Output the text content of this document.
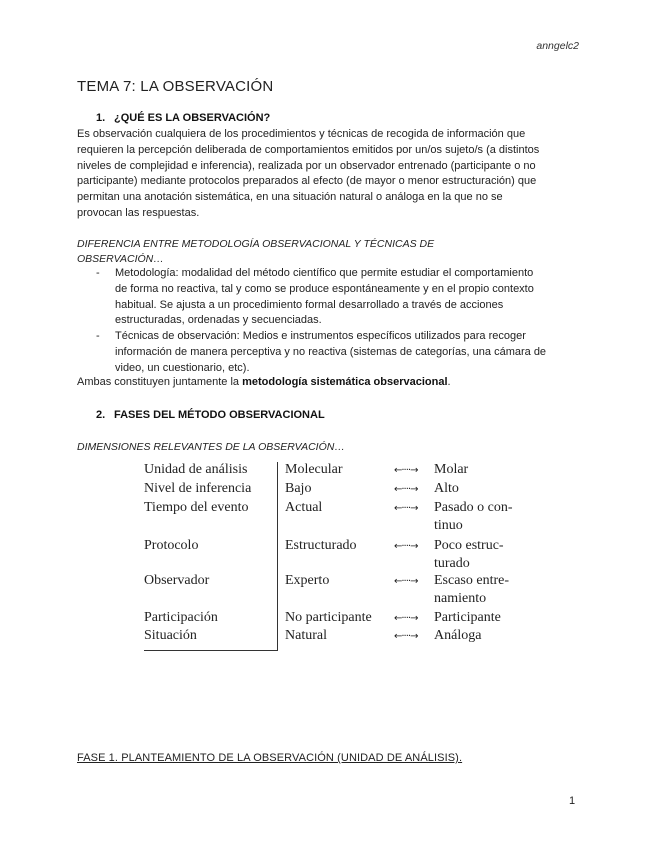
anngelc2
TEMA 7: LA OBSERVACIÓN
1. ¿QUÉ ES LA OBSERVACIÓN?

Es observación cualquiera de los procedimientos y técnicas de recogida de información que

requieren la percepción deliberada de comportamientos emitidos por un/os sujeto/s (a distintos

niveles de complejidad e inferencia), realizada por un observador entrenado (participante o no

participante) mediante protocolos preparados al efecto (de mayor o menor estructuración) que

permitan una anotación sistemática, en una situación natural o análoga en la que no se

provocan las respuestas.

DIFERENCIA ENTRE METODOLOGÍA OBSERVACIONAL Y TÉCNICAS DE
OBSERVACIÓN…
- Metodología: modalidad del método científico que permite estudiar el comportamiento
de forma no reactiva, tal y como se produce espontáneamente y en el propio contexto
habitual. Se ajusta a un procedimiento formal desarrollado a través de acciones
estructuradas, ordenadas y secuenciadas.
- Técnicas de observación: Medios e instrumentos específicos utilizados para recoger
información de manera perceptiva y no reactiva (sistemas de categorías, una cámara de
video, un cuestionario, etc).
Ambas constituyen juntamente la metodología sistemática observacional.
2. FASES DEL MÉTODO OBSERVACIONAL
DIMENSIONES RELEVANTES DE LA OBSERVACIÓN…
Unidad de análisis	Molecular	←····→ Molar
Nivel de inferencia Bajo	←····→ Alto
Tiempo del evento	Actual	←····→ Pasado o con-
tinuo
Protocolo	Estructurado	←····→ Poco estruc-
turado
Observador	Experto	←····→ Escaso entre-
namiento
Participación	No participante ←····→ Participante
Situación	Natural	←····→ Análoga
FASE 1. PLANTEAMIENTO DE LA OBSERVACIÓN (UNIDAD DE ANÁLISIS).
1
